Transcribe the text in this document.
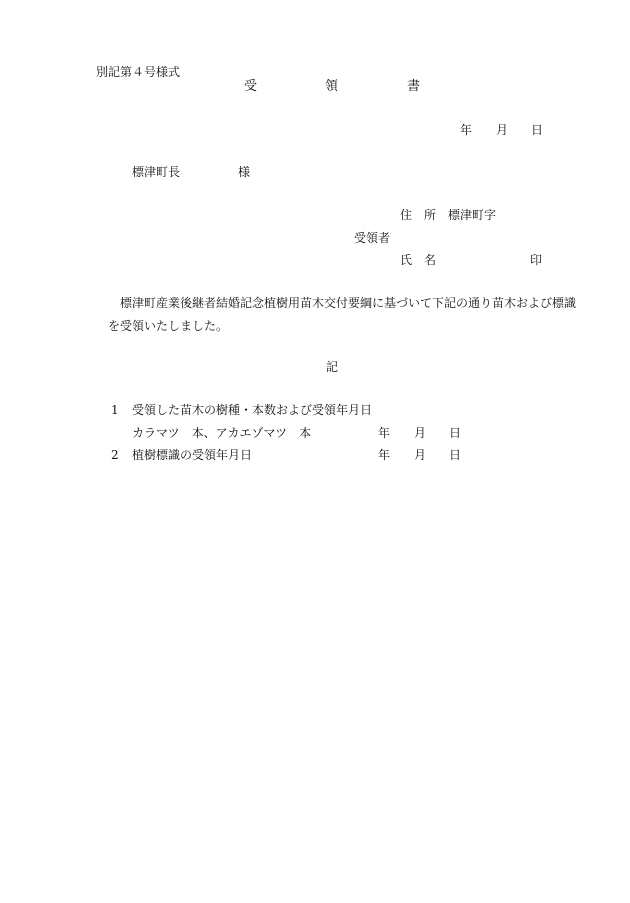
別記第４号様式
受	領	書
年 月 日
標津町長	様
住　所 標津町字
受領者
氏　名	印
標津町産業後継者結婚記念植樹用苗木交付要綱に基づいて下記の通り苗木および標識
を受領いたしました。
記
1 受領した苗木の樹種・本数および受領年月日
カラマツ　本、アカエゾマツ　本	年 月 日
2 植樹標識の受領年月日	年 月 日
